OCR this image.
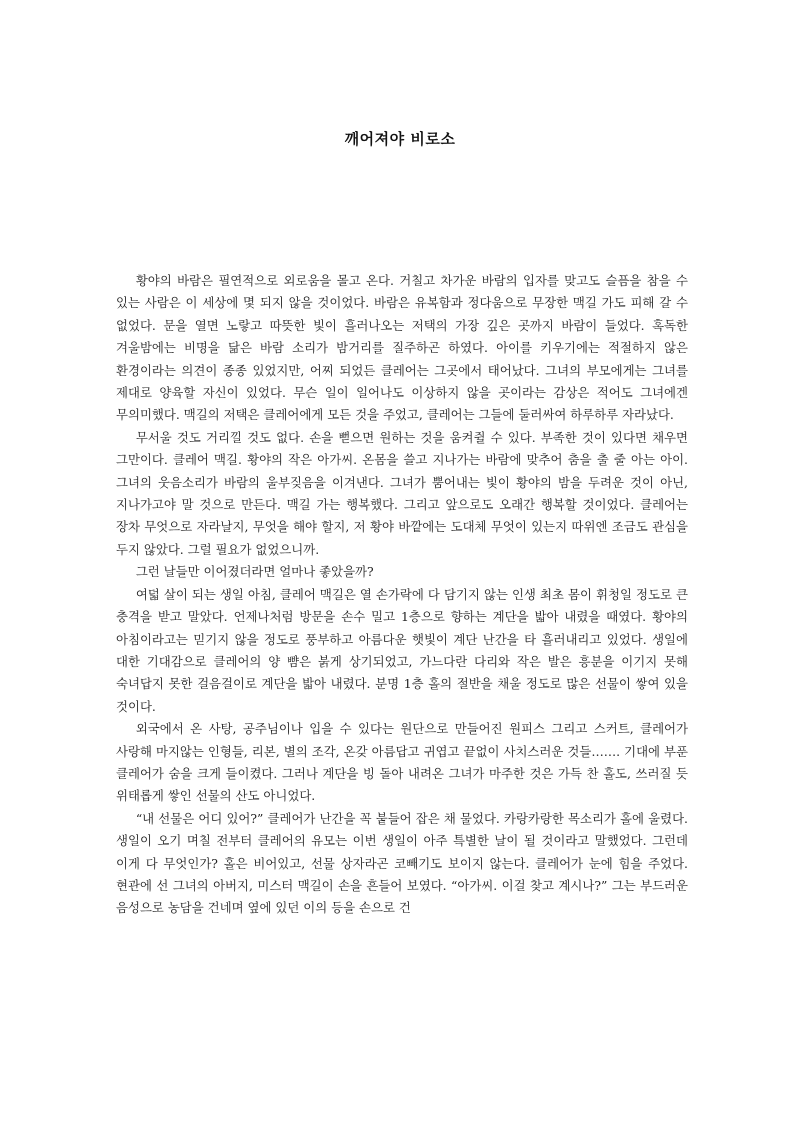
깨어져야 비로소

황야의 바람은 필연적으로 외로움을 몰고 온다. 거칠고 차가운 바람의 입자를 맞고도 슬픔을 참을 수 있는 사람은 이 세상에 몇 되지 않을 것이었다. 바람은 유복함과 정다움으로 무장한 맥길 가도 피해 갈 수 없었다. 문을 열면 노랗고 따뜻한 빛이 흘러나오는 저택의 가장 깊은 곳까지 바람이 들었다. 혹독한 겨울밤에는 비명을 닮은 바람 소리가 밤거리를 질주하곤 하였다. 아이를 키우기에는 적절하지 않은 환경이라는 의견이 종종 있었지만, 어찌 되었든 클레어는 그곳에서 태어났다. 그녀의 부모에게는 그녀를 제대로 양육할 자신이 있었다. 무슨 일이 일어나도 이상하지 않을 곳이라는 감상은 적어도 그녀에겐 무의미했다. 맥길의 저택은 클레어에게 모든 것을 주었고, 클레어는 그들에 둘러싸여 하루하루 자라났다.

무서울 것도 거리낄 것도 없다. 손을 뻗으면 원하는 것을 움켜쥘 수 있다. 부족한 것이 있다면 채우면 그만이다. 클레어 맥길. 황야의 작은 아가씨. 온몸을 쓸고 지나가는 바람에 맞추어 춤을 출 줄 아는 아이. 그녀의 웃음소리가 바람의 울부짖음을 이겨낸다. 그녀가 뿜어내는 빛이 황야의 밤을 두려운 것이 아닌, 지나가고야 말 것으로 만든다. 맥길 가는 행복했다. 그리고 앞으로도 오래간 행복할 것이었다. 클레어는 장차 무엇으로 자라날지, 무엇을 해야 할지, 저 황야 바깥에는 도대체 무엇이 있는지 따위엔 조금도 관심을 두지 않았다. 그럴 필요가 없었으니까.

그런 날들만 이어졌더라면 얼마나 좋았을까?

여덟 살이 되는 생일 아침, 클레어 맥길은 열 손가락에 다 담기지 않는 인생 최초 몸이 휘청일 정도로 큰 충격을 받고 말았다. 언제나처럼 방문을 손수 밀고 1층으로 향하는 계단을 밟아 내렸을 때였다. 황야의 아침이라고는 믿기지 않을 정도로 풍부하고 아름다운 햇빛이 계단 난간을 타 흘러내리고 있었다. 생일에 대한 기대감으로 클레어의 양 뺨은 붉게 상기되었고, 가느다란 다리와 작은 발은 흥분을 이기지 못해 숙녀답지 못한 걸음걸이로 계단을 밟아 내렸다. 분명 1층 홀의 절반을 채울 정도로 많은 선물이 쌓여 있을 것이다.

외국에서 온 사탕, 공주님이나 입을 수 있다는 원단으로 만들어진 원피스 그리고 스커트, 클레어가 사랑해 마지않는 인형들, 리본, 별의 조각, 온갖 아름답고 귀엽고 끝없이 사치스러운 것들……. 기대에 부푼 클레어가 숨을 크게 들이켰다. 그러나 계단을 빙 돌아 내려온 그녀가 마주한 것은 가득 찬 홀도, 쓰러질 듯 위태롭게 쌓인 선물의 산도 아니었다.

“내 선물은 어디 있어?” 클레어가 난간을 꼭 붙들어 잡은 채 물었다. 카랑카랑한 목소리가 홀에 울렸다. 생일이 오기 며칠 전부터 클레어의 유모는 이번 생일이 아주 특별한 날이 될 것이라고 말했었다. 그런데 이게 다 무엇인가? 홀은 비어있고, 선물 상자라곤 코빼기도 보이지 않는다. 클레어가 눈에 힘을 주었다. 현관에 선 그녀의 아버지, 미스터 맥길이 손을 흔들어 보였다. “아가씨. 이걸 찾고 계시나?” 그는 부드러운 음성으로 농담을 건네며 옆에 있던 이의 등을 손으로 건
